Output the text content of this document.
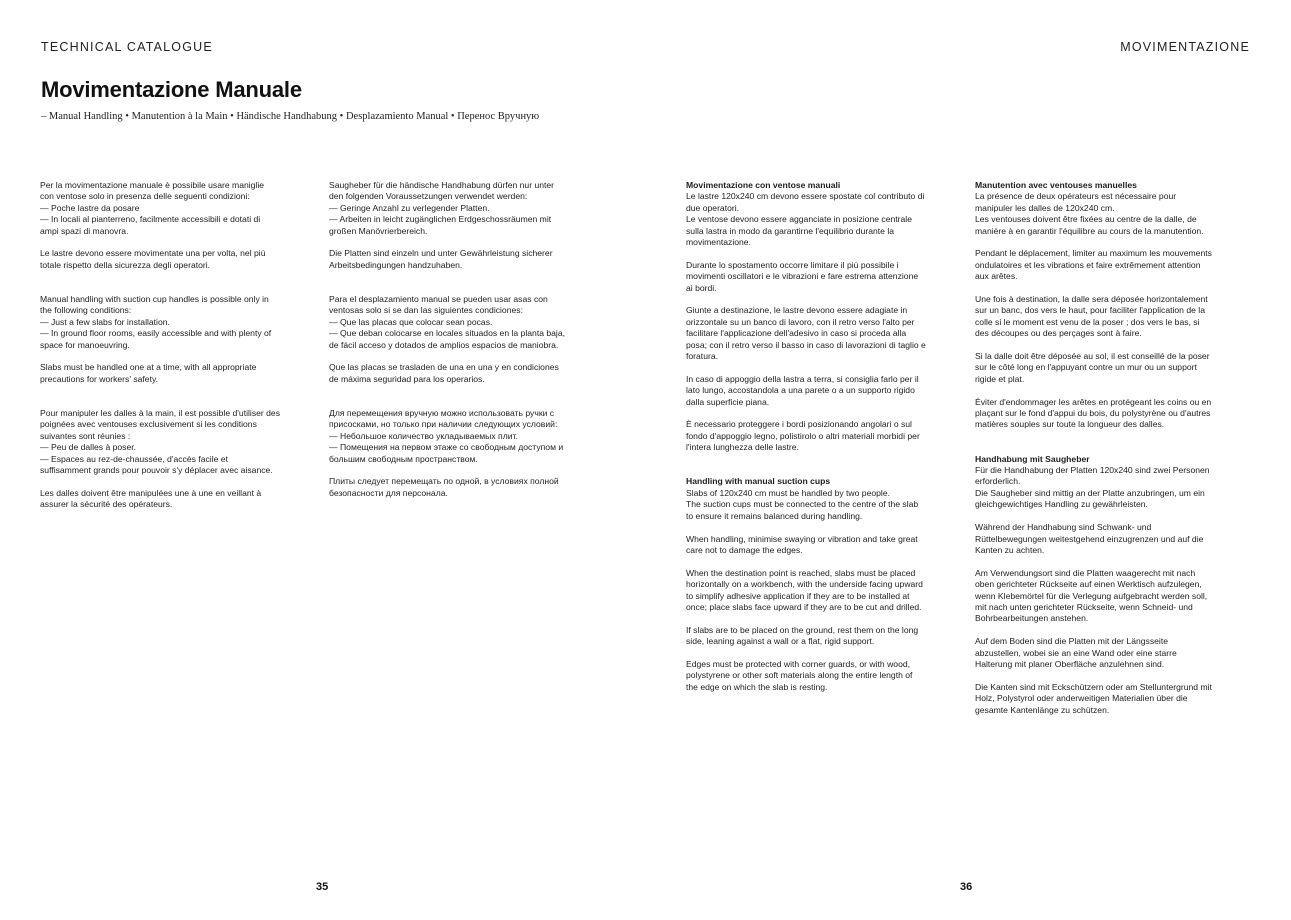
TECHNICAL CATALOGUE	MOVIMENTAZIONE
Movimentazione Manuale

– Manual Handling • Manutention à la Main • Händische Handhabung • Desplazamiento Manual • Перенос Вручную

Per la movimentazione manuale è possibile usare maniglie con ventose solo in presenza delle seguenti condizioni:
— Poche lastre da posare
— In locali al pianterreno, facilmente accessibili e dotati di ampi spazi di manovra.

Le lastre devono essere movimentate una per volta, nel più totale rispetto della sicurezza degli operatori.

Manual handling with suction cup handles is possible only in the following conditions:
— Just a few slabs for installation.
— In ground floor rooms, easily accessible and with plenty of space for manoeuvring.

Slabs must be handled one at a time, with all appropriate precautions for workers' safety.

Pour manipuler les dalles à la main, il est possible d'utiliser des poignées avec ventouses exclusivement si les conditions suivantes sont réunies :
— Peu de dalles à poser.
— Espaces au rez-de-chaussée, d'accès facile et suffisamment grands pour pouvoir s'y déplacer avec aisance.

Les dalles doivent être manipulées une à une en veillant à assurer la sécurité des opérateurs.

Saugheber für die händische Handhabung dürfen nur unter den folgenden Voraussetzungen verwendet werden:
— Geringe Anzahl zu verlegender Platten.
— Arbeiten in leicht zugänglichen Erdgeschossräumen mit großen Manövrierbereich.

Die Platten sind einzeln und unter Gewährleistung sicherer Arbeitsbedingungen handzuhaben.

Para el desplazamiento manual se pueden usar asas con ventosas solo si se dan las siguientes condiciones:
— Que las placas que colocar sean pocas.
— Que deban colocarse en locales situados en la planta baja, de fácil acceso y dotados de amplios espacios de maniobra.

Que las placas se trasladen de una en una y en condiciones de máxima seguridad para los operarios.

Для перемещения вручную можно использовать ручки с присосками, но только при наличии следующих условий:
— Небольшое количество укладываемых плит.
— Помещения на первом этаже со свободным доступом и большим свободным пространством.

Плиты следует перемещать по одной, в условиях полной безопасности для персонала.

Movimentazione con ventose manuali
Le lastre 120x240 cm devono essere spostate col contributo di due operatori.
Le ventose devono essere agganciate in posizione centrale sulla lastra in modo da garantirne l'equilibrio durante la movimentazione.

Durante lo spostamento occorre limitare il più possibile i movimenti oscillatori e le vibrazioni e fare estrema attenzione ai bordi.

Giunte a destinazione, le lastre devono essere adagiate in orizzontale su un banco di lavoro, con il retro verso l'alto per facilitare l'applicazione dell'adesivo in caso si proceda alla posa; con il retro verso il basso in caso di lavorazioni di taglio e foratura.

In caso di appoggio della lastra a terra, si consiglia farlo per il lato lungo, accostandola a una parete o a un supporto rigido dalla superficie piana.

È necessario proteggere i bordi posizionando angolari o sul fondo d'appoggio legno, polistirolo o altri materiali morbidi per l'intera lunghezza delle lastre.

Handling with manual suction cups
Slabs of 120x240 cm must be handled by two people.
The suction cups must be connected to the centre of the slab to ensure it remains balanced during handling.

When handling, minimise swaying or vibration and take great care not to damage the edges.

When the destination point is reached, slabs must be placed horizontally on a workbench, with the underside facing upward to simplify adhesive application if they are to be installed at once; place slabs face upward if they are to be cut and drilled.

If slabs are to be placed on the ground, rest them on the long side, leaning against a wall or a flat, rigid support.

Edges must be protected with corner guards, or with wood, polystyrene or other soft materials along the entire length of the edge on which the slab is resting.

Manutention avec ventouses manuelles
La présence de deux opérateurs est nécessaire pour manipuler les dalles de 120x240 cm.
Les ventouses doivent être fixées au centre de la dalle, de manière à en garantir l'équilibre au cours de la manutention.

Pendant le déplacement, limiter au maximum les mouvements ondulatoires et les vibrations et faire extrêmement attention aux arêtes.

Une fois à destination, la dalle sera déposée horizontalement sur un banc, dos vers le haut, pour faciliter l'application de la colle si le moment est venu de la poser ; dos vers le bas, si des découpes ou des perçages sont à faire.

Si la dalle doit être déposée au sol, il est conseillé de la poser sur le côté long en l'appuyant contre un mur ou un support rigide et plat.

Éviter d'endommager les arêtes en protégeant les coins ou en plaçant sur le fond d'appui du bois, du polystyrène ou d'autres matières souples sur toute la longueur des dalles.

Handhabung mit Saugheber
Für die Handhabung der Platten 120x240 sind zwei Personen erforderlich.
Die Saugheber sind mittig an der Platte anzubringen, um ein gleichgewichtiges Handling zu gewährleisten.

Während der Handhabung sind Schwank- und Rüttelbewegungen weitestgehend einzugrenzen und auf die Kanten zu achten.

Am Verwendungsort sind die Platten waagerecht mit nach oben gerichteter Rückseite auf einen Werktisch aufzulegen, wenn Klebemörtel für die Verlegung aufgebracht werden soll, mit nach unten gerichteter Rückseite, wenn Schneid- und Bohrbearbeitungen anstehen.

Auf dem Boden sind die Platten mit der Längsseite abzustellen, wobei sie an eine Wand oder eine starre Halterung mit planer Oberfläche anzulehnen sind.

Die Kanten sind mit Eckschützern oder am Stelluntergrund mit Holz, Polystyrol oder anderweitigen Materialien über die gesamte Kantenlänge zu schützen.

35	36
